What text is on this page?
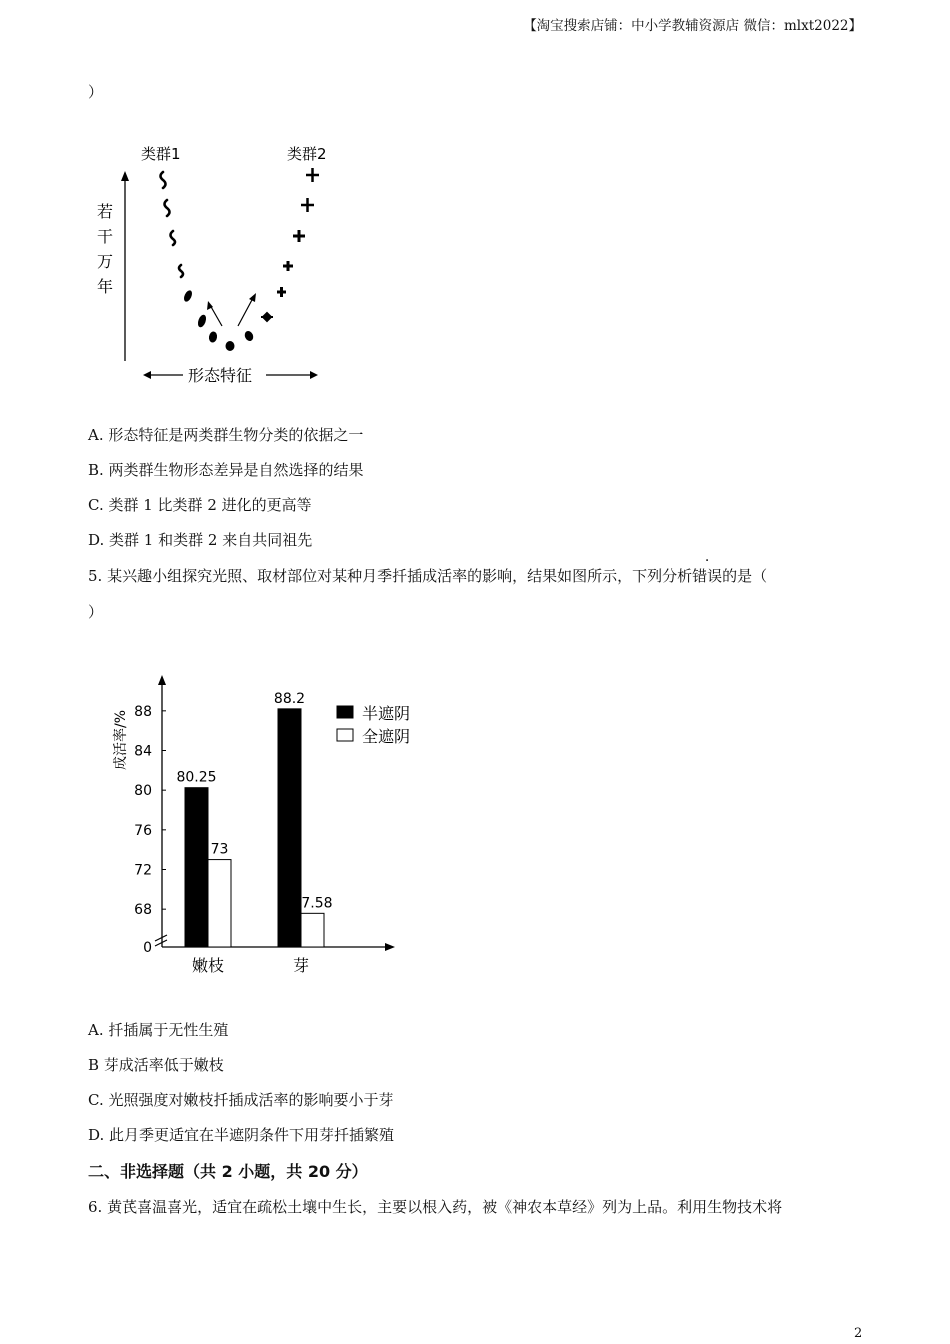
【淘宝搜索店铺：中小学教辅资源店 微信：mlxt2022】
）
类群1	类群2
若
干
万
年
形态特征
A. 形态特征是两类群生物分类的依据之一
B. 两类群生物形态差异是自然选择的结果
C. 类群 1 比类群 2 进化的更高等
D. 类群 1 和类群 2 来自共同祖先
5. 某兴趣小组探究光照、取材部位对某种月季扦插成活率的影响，结果如图所示，下列分析错误的是（
）
0
68
72
76
80
84
88
成活率/%
80.25
73
嫩枝
88.2
67.58
芽
半遮阴
全遮阴
A. 扦插属于无性生殖
B 芽成活率低于嫩枝
C. 光照强度对嫩枝扦插成活率的影响要小于芽
D. 此月季更适宜在半遮阴条件下用芽扦插繁殖
二、非选择题（共 2 小题，共 20 分）
6. 黄芪喜温喜光，适宜在疏松土壤中生长，主要以根入药，被《神农本草经》列为上品。利用生物技术将
2
